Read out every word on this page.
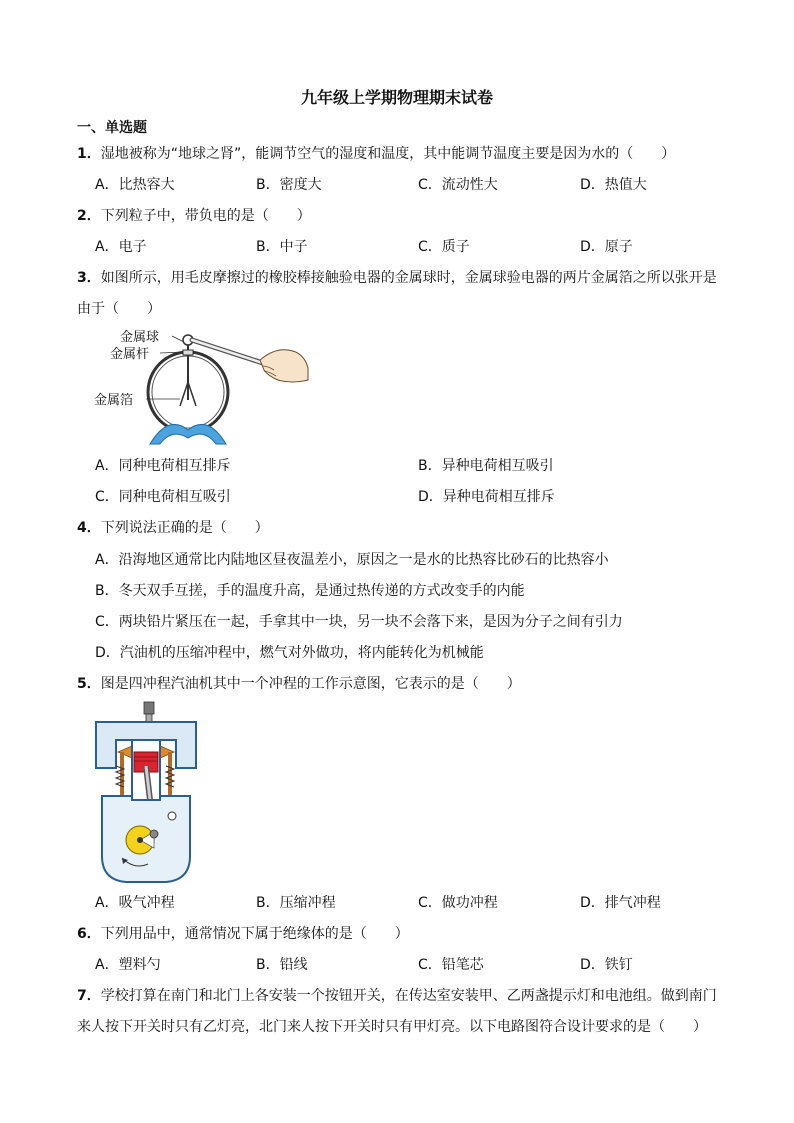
九年级上学期物理期末试卷
一、单选题
1．湿地被称为“地球之肾”，能调节空气的湿度和温度，其中能调节温度主要是因为水的（　　）
A．比热容大	B．密度大	C．流动性大	D．热值大
2．下列粒子中，带负电的是（　　）
A．电子	B．中子	C．质子	D．原子
3．如图所示，用毛皮摩擦过的橡胶棒接触验电器的金属球时，金属球验电器的两片金属箔之所以张开是
由于（　　）
金属球
金属杆
金属箔
A．同种电荷相互排斥	B．异种电荷相互吸引
C．同种电荷相互吸引	D．异种电荷相互排斥
4．下列说法正确的是（　　）
A．沿海地区通常比内陆地区昼夜温差小，原因之一是水的比热容比砂石的比热容小
B．冬天双手互搓，手的温度升高，是通过热传递的方式改变手的内能
C．两块铅片紧压在一起，手拿其中一块，另一块不会落下来，是因为分子之间有引力
D．汽油机的压缩冲程中，燃气对外做功，将内能转化为机械能
5．图是四冲程汽油机其中一个冲程的工作示意图，它表示的是（　　）
A．吸气冲程	B．压缩冲程	C．做功冲程	D．排气冲程
6．下列用品中，通常情况下属于绝缘体的是（　　）
A．塑料勺	B．铅线	C．铅笔芯	D．铁钉
7．学校打算在南门和北门上各安装一个按钮开关，在传达室安装甲、乙两盏提示灯和电池组。做到南门
来人按下开关时只有乙灯亮，北门来人按下开关时只有甲灯亮。以下电路图符合设计要求的是（　　）
